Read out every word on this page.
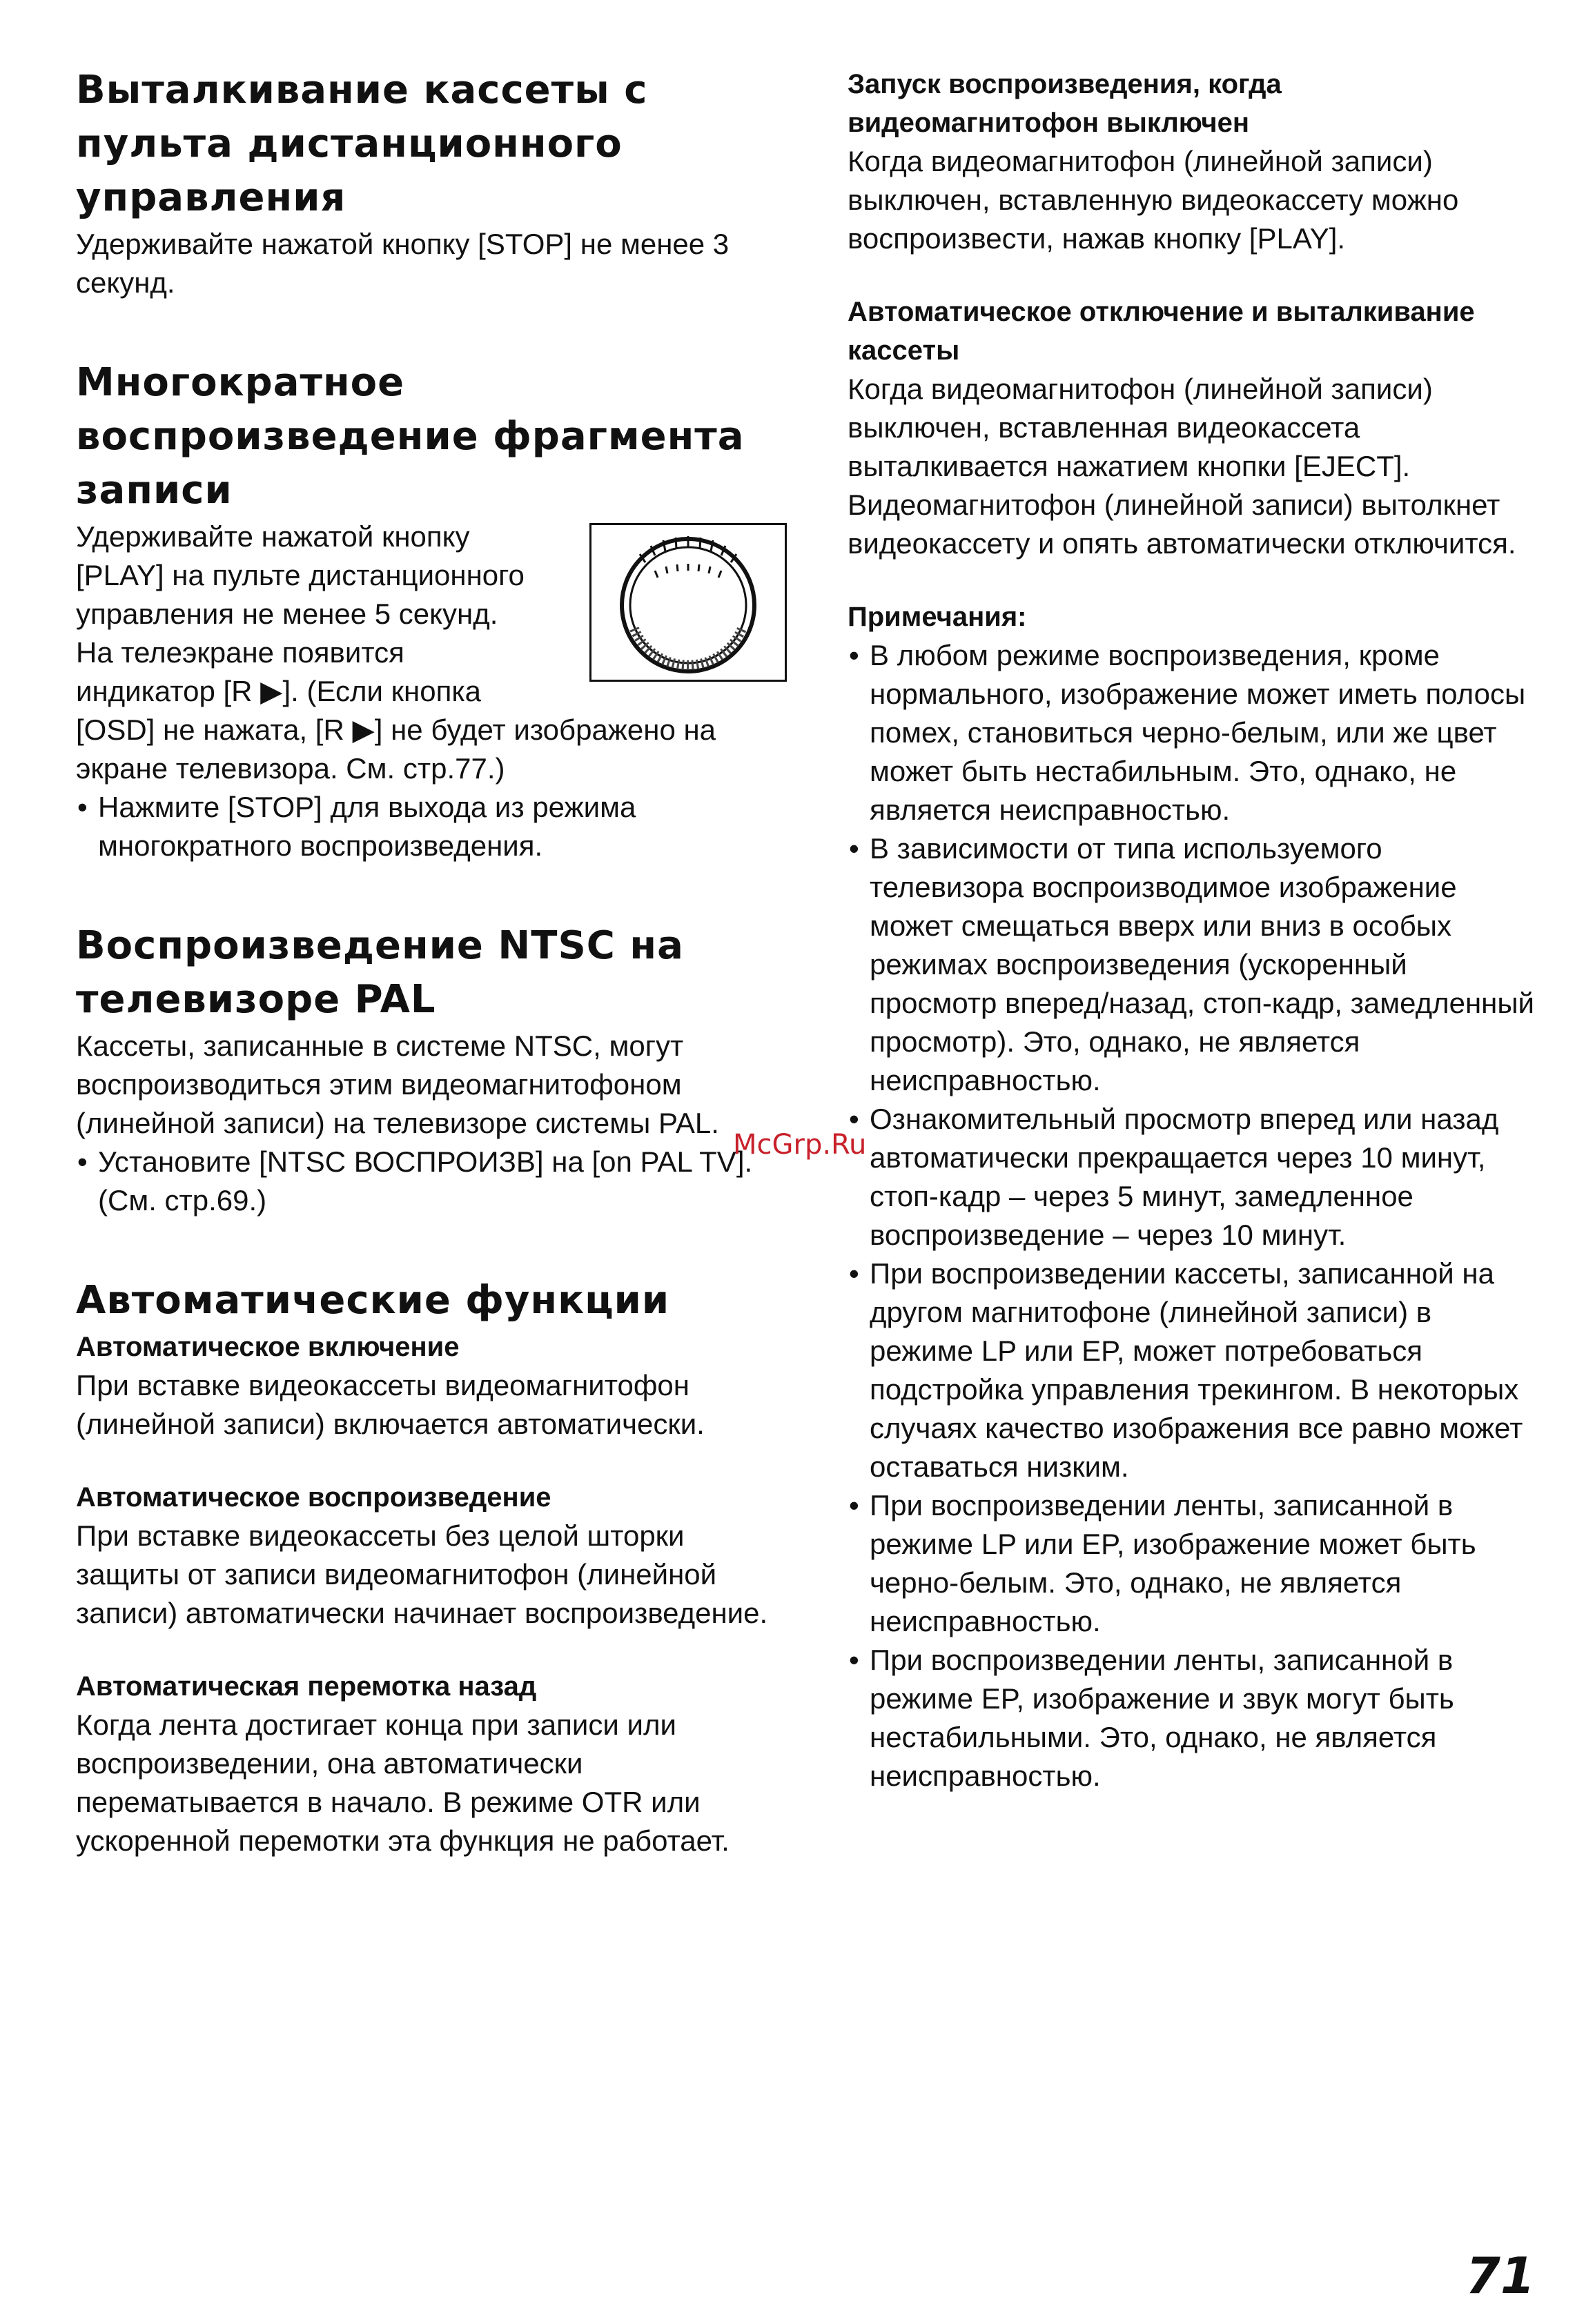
Выталкивание кассеты с
пульта дистанционного
управления

Удерживайте нажатой кнопку [STOP] не менее 3 секунд.

Многократное
воспроизведение фрагмента
записи

Удерживайте нажатой кнопку

[PLAY] на пульте дистанционного

управления не менее 5 секунд.

На телеэкране появится

индикатор [R ▶]. (Если кнопка

[OSD] не нажата, [R ▶] не будет изображено на экране телевизора. См. стр.77.)

• Нажмите [STOP] для выхода из режима многократного воспроизведения.
Воспроизведение NTSC на
телевизоре PAL

Кассеты, записанные в системе NTSC, могут воспроизводиться этим видеомагнитофоном (линейной записи) на телевизоре системы PAL.

• Установите [NTSC ВОСПРОИЗВ] на [on PAL TV]. (См. стр.69.)
Автоматические функции
Автоматическое включение

При вставке видеокассеты видеомагнитофон (линейной записи) включается автоматически.

Автоматическое воспроизведение

При вставке видеокассеты без целой шторки защиты от записи видеомагнитофон (линейной записи) автоматически начинает воспроизведение.

Автоматическая перемотка назад

Когда лента достигает конца при записи или воспроизведении, она автоматически перематывается в начало. В режиме OTR или ускоренной перемотки эта функция не работает.

Запуск воспроизведения, когда видеомагнитофон выключен

Когда видеомагнитофон (линейной записи) выключен, вставленную видеокассету можно воспроизвести, нажав кнопку [PLAY].

Автоматическое отключение и выталкивание кассеты

Когда видеомагнитофон (линейной записи) выключен, вставленная видеокассета выталкивается нажатием кнопки [EJECT]. Видеомагнитофон (линейной записи) вытолкнет видеокассету и опять автоматически отключится.

Примечания:
• В любом режиме воспроизведения, кроме нормального, изображение может иметь полосы помех, становиться черно-белым, или же цвет может быть нестабильным. Это, однако, не является неисправностью.
• В зависимости от типа используемого телевизора воспроизводимое изображение может смещаться вверх или вниз в особых режимах воспроизведения (ускоренный просмотр вперед/назад, стоп-кадр, замедленный просмотр). Это, однако, не является неисправностью.
• Ознакомительный просмотр вперед или назад автоматически прекращается через 10 минут, стоп-кадр – через 5 минут, замедленное воспроизведение – через 10 минут.
• При воспроизведении кассеты, записанной на другом магнитофоне (линейной записи) в режиме LP или EP, может потребоваться подстройка управления трекингом. В некоторых случаях качество изображения все равно может оставаться низким.
• При воспроизведении ленты, записанной в режиме LP или EP, изображение может быть черно-белым. Это, однако, не является неисправностью.
• При воспроизведении ленты, записанной в режиме EP, изображение и звук могут быть нестабильными. Это, однако, не является неисправностью.
McGrp.Ru
71
